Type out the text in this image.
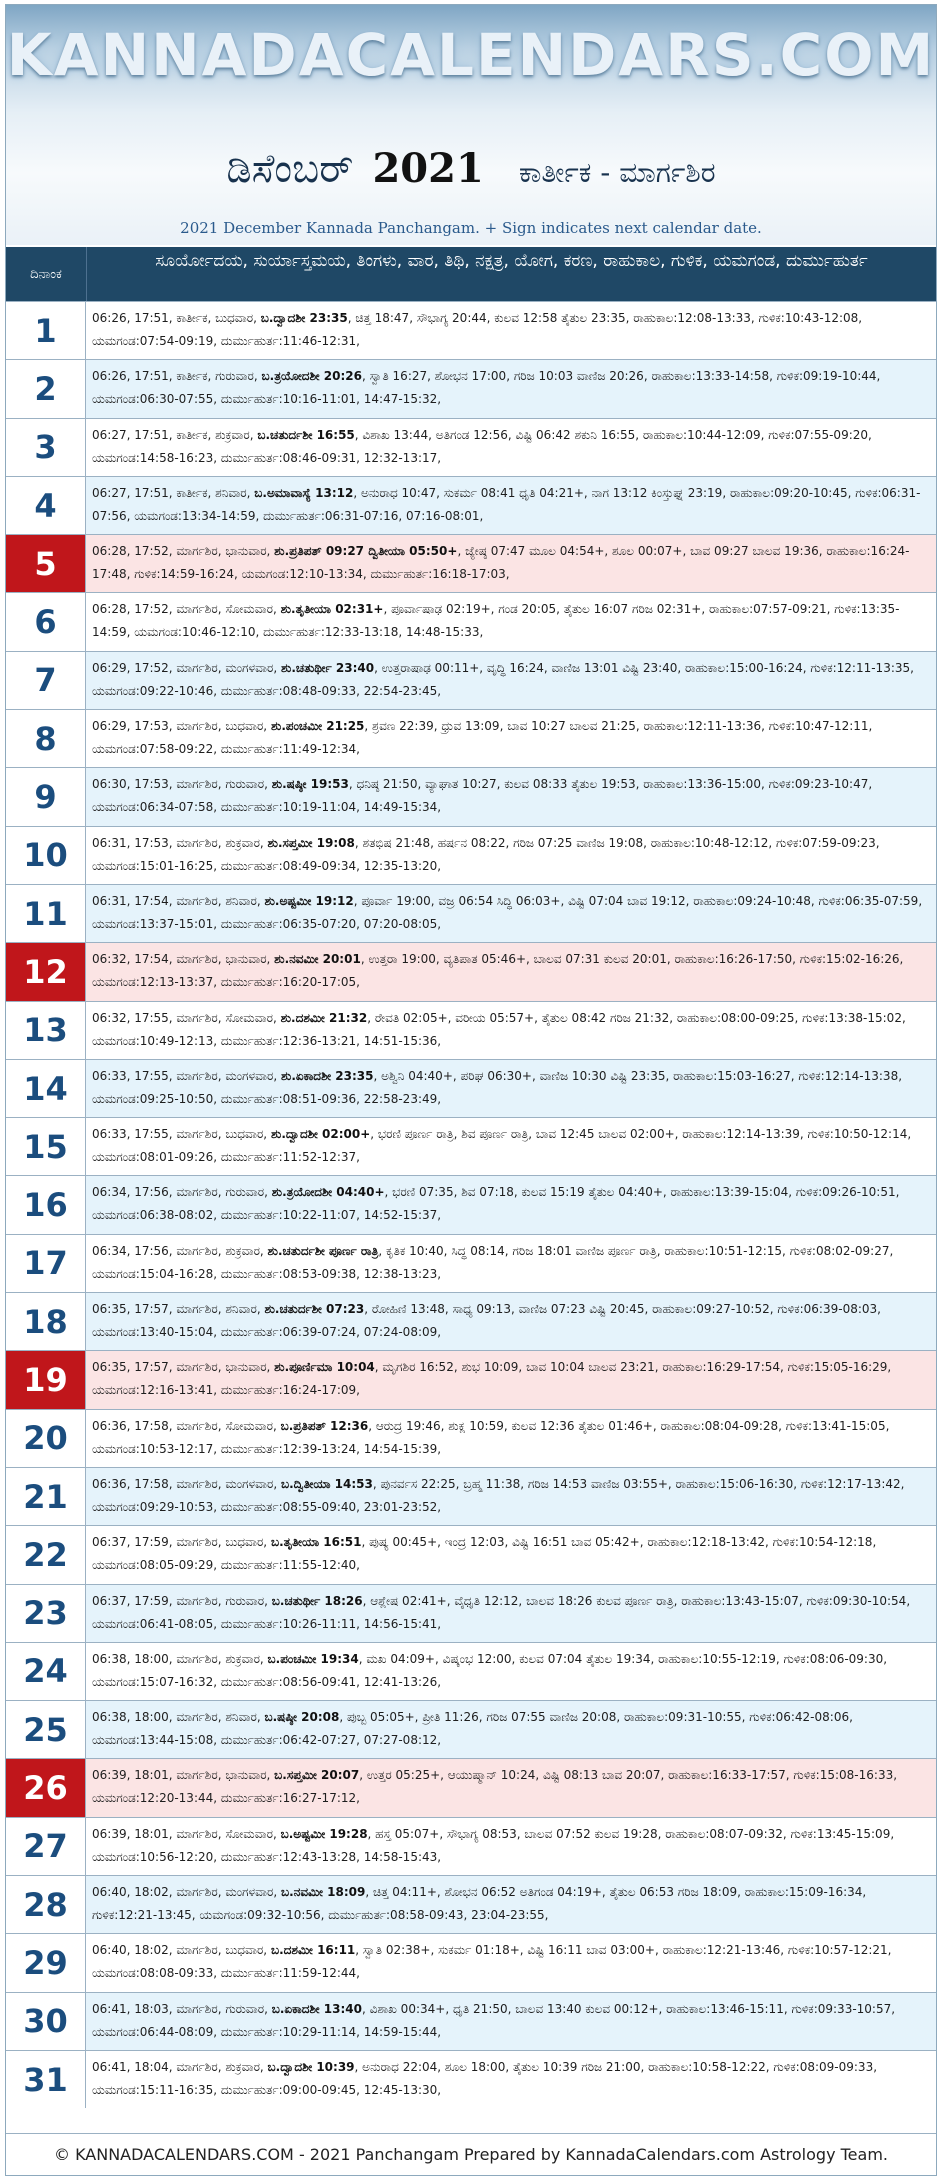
KANNADACALENDARS.COM
ಡಿಸೆಂಬರ್ 2021 ಕಾರ್ತೀಕ - ಮಾರ್ಗಶಿರ
2021 December Kannada Panchangam. + Sign indicates next calendar date.
ದಿನಾಂಕ
ಸೂರ್ಯೋದಯ, ಸುರ್ಯಾಸ್ತಮಯ, ತಿಂಗಳು, ವಾರ, ತಿಥಿ, ನಕ್ಷತ್ರ, ಯೋಗ, ಕರಣ, ರಾಹುಕಾಲ, ಗುಳಿಕ, ಯಮಗಂಡ, ದುರ್ಮುಹುರ್ತ
1	06:26, 17:51, ಕಾರ್ತೀಕ, ಬುಧವಾರ, ಬ.ದ್ವಾದಶೀ 23:35, ಚಿತ್ತ 18:47, ಸೌಭಾಗ್ಯ 20:44, ಕುಲವ 12:58 ತೈತುಲ 23:35, ರಾಹುಕಾಲ:12:08-13:33, ಗುಳಿಕ:10:43-12:08, ಯಮಗಂಡ:07:54-09:19, ದುರ್ಮುಹುರ್ತ:11:46-12:31,
2	06:26, 17:51, ಕಾರ್ತೀಕ, ಗುರುವಾರ, ಬ.ತ್ರಯೋದಶೀ 20:26, ಸ್ವಾತಿ 16:27, ಶೋಭನ 17:00, ಗರಿಜ 10:03 ವಾಣಿಜ 20:26, ರಾಹುಕಾಲ:13:33-14:58, ಗುಳಿಕ:09:19-10:44, ಯಮಗಂಡ:06:30-07:55, ದುರ್ಮುಹುರ್ತ:10:16-11:01, 14:47-15:32,
3	06:27, 17:51, ಕಾರ್ತೀಕ, ಶುಕ್ರವಾರ, ಬ.ಚತುರ್ದಶೀ 16:55, ವಿಶಾಖ 13:44, ಅತಿಗಂಡ 12:56, ವಿಷ್ಟಿ 06:42 ಶಕುನಿ 16:55, ರಾಹುಕಾಲ:10:44-12:09, ಗುಳಿಕ:07:55-09:20, ಯಮಗಂಡ:14:58-16:23, ದುರ್ಮುಹುರ್ತ:08:46-09:31, 12:32-13:17,
4	06:27, 17:51, ಕಾರ್ತೀಕ, ಶನಿವಾರ, ಬ.ಅಮಾವಾಸ್ಯೆ 13:12, ಅನುರಾಧ 10:47, ಸುಕರ್ಮ 08:41 ಧೃತಿ 04:21+, ನಾಗ 13:12 ಕಿಂಸ್ತುಘ್ನ 23:19, ರಾಹುಕಾಲ:09:20-10:45, ಗುಳಿಕ:06:31-07:56, ಯಮಗಂಡ:13:34-14:59, ದುರ್ಮುಹುರ್ತ:06:31-07:16, 07:16-08:01,
5	06:28, 17:52, ಮಾರ್ಗಶಿರ, ಭಾನುವಾರ, ಶು.ಪ್ರತಿಪತ್ 09:27 ದ್ವಿತೀಯಾ 05:50+, ಜ್ಯೇಷ್ಠ 07:47 ಮೂಲ 04:54+, ಶೂಲ 00:07+, ಬಾವ 09:27 ಬಾಲವ 19:36, ರಾಹುಕಾಲ:16:24-17:48, ಗುಳಿಕ:14:59-16:24, ಯಮಗಂಡ:12:10-13:34, ದುರ್ಮುಹುರ್ತ:16:18-17:03,
6	06:28, 17:52, ಮಾರ್ಗಶಿರ, ಸೋಮವಾರ, ಶು.ತೃತೀಯಾ 02:31+, ಪೂರ್ವಾಷಾಢ 02:19+, ಗಂಡ 20:05, ತೈತುಲ 16:07 ಗರಿಜ 02:31+, ರಾಹುಕಾಲ:07:57-09:21, ಗುಳಿಕ:13:35-14:59, ಯಮಗಂಡ:10:46-12:10, ದುರ್ಮುಹುರ್ತ:12:33-13:18, 14:48-15:33,
7	06:29, 17:52, ಮಾರ್ಗಶಿರ, ಮಂಗಳವಾರ, ಶು.ಚತುರ್ಥೀ 23:40, ಉತ್ತರಾಷಾಢ 00:11+, ವೃದ್ಧಿ 16:24, ವಾಣಿಜ 13:01 ವಿಷ್ಟಿ 23:40, ರಾಹುಕಾಲ:15:00-16:24, ಗುಳಿಕ:12:11-13:35, ಯಮಗಂಡ:09:22-10:46, ದುರ್ಮುಹುರ್ತ:08:48-09:33, 22:54-23:45,
8	06:29, 17:53, ಮಾರ್ಗಶಿರ, ಬುಧವಾರ, ಶು.ಪಂಚಮೀ 21:25, ಶ್ರವಣ 22:39, ಧ್ರುವ 13:09, ಬಾವ 10:27 ಬಾಲವ 21:25, ರಾಹುಕಾಲ:12:11-13:36, ಗುಳಿಕ:10:47-12:11, ಯಮಗಂಡ:07:58-09:22, ದುರ್ಮುಹುರ್ತ:11:49-12:34,
9	06:30, 17:53, ಮಾರ್ಗಶಿರ, ಗುರುವಾರ, ಶು.ಷಷ್ಠೀ 19:53, ಧನಿಷ್ಠ 21:50, ವ್ಯಾಘಾತ 10:27, ಕುಲವ 08:33 ತೈತುಲ 19:53, ರಾಹುಕಾಲ:13:36-15:00, ಗುಳಿಕ:09:23-10:47, ಯಮಗಂಡ:06:34-07:58, ದುರ್ಮುಹುರ್ತ:10:19-11:04, 14:49-15:34,
10	06:31, 17:53, ಮಾರ್ಗಶಿರ, ಶುಕ್ರವಾರ, ಶು.ಸಪ್ತಮೀ 19:08, ಶತಭಿಷ 21:48, ಹರ್ಷನ 08:22, ಗರಿಜ 07:25 ವಾಣಿಜ 19:08, ರಾಹುಕಾಲ:10:48-12:12, ಗುಳಿಕ:07:59-09:23, ಯಮಗಂಡ:15:01-16:25, ದುರ್ಮುಹುರ್ತ:08:49-09:34, 12:35-13:20,
11	06:31, 17:54, ಮಾರ್ಗಶಿರ, ಶನಿವಾರ, ಶು.ಅಷ್ಟಮೀ 19:12, ಪೂರ್ವಾ 19:00, ವಜ್ರ 06:54 ಸಿದ್ಧಿ 06:03+, ವಿಷ್ಟಿ 07:04 ಬಾವ 19:12, ರಾಹುಕಾಲ:09:24-10:48, ಗುಳಿಕ:06:35-07:59, ಯಮಗಂಡ:13:37-15:01, ದುರ್ಮುಹುರ್ತ:06:35-07:20, 07:20-08:05,
12	06:32, 17:54, ಮಾರ್ಗಶಿರ, ಭಾನುವಾರ, ಶು.ನವಮೀ 20:01, ಉತ್ತರಾ 19:00, ವ್ಯತಿಪಾತ 05:46+, ಬಾಲವ 07:31 ಕುಲವ 20:01, ರಾಹುಕಾಲ:16:26-17:50, ಗುಳಿಕ:15:02-16:26, ಯಮಗಂಡ:12:13-13:37, ದುರ್ಮುಹುರ್ತ:16:20-17:05,
13	06:32, 17:55, ಮಾರ್ಗಶಿರ, ಸೋಮವಾರ, ಶು.ದಶಮೀ 21:32, ರೇವತಿ 02:05+, ವರೀಯ 05:57+, ತೈತುಲ 08:42 ಗರಿಜ 21:32, ರಾಹುಕಾಲ:08:00-09:25, ಗುಳಿಕ:13:38-15:02, ಯಮಗಂಡ:10:49-12:13, ದುರ್ಮುಹುರ್ತ:12:36-13:21, 14:51-15:36,
14	06:33, 17:55, ಮಾರ್ಗಶಿರ, ಮಂಗಳವಾರ, ಶು.ಏಕಾದಶೀ 23:35, ಅಶ್ವಿನಿ 04:40+, ಪರಿಘ 06:30+, ವಾಣಿಜ 10:30 ವಿಷ್ಟಿ 23:35, ರಾಹುಕಾಲ:15:03-16:27, ಗುಳಿಕ:12:14-13:38, ಯಮಗಂಡ:09:25-10:50, ದುರ್ಮುಹುರ್ತ:08:51-09:36, 22:58-23:49,
15	06:33, 17:55, ಮಾರ್ಗಶಿರ, ಬುಧವಾರ, ಶು.ದ್ವಾದಶೀ 02:00+, ಭರಣಿ ಪೂರ್ಣ ರಾತ್ರಿ, ಶಿವ ಪೂರ್ಣ ರಾತ್ರಿ, ಬಾವ 12:45 ಬಾಲವ 02:00+, ರಾಹುಕಾಲ:12:14-13:39, ಗುಳಿಕ:10:50-12:14, ಯಮಗಂಡ:08:01-09:26, ದುರ್ಮುಹುರ್ತ:11:52-12:37,
16	06:34, 17:56, ಮಾರ್ಗಶಿರ, ಗುರುವಾರ, ಶು.ತ್ರಯೋದಶೀ 04:40+, ಭರಣಿ 07:35, ಶಿವ 07:18, ಕುಲವ 15:19 ತೈತುಲ 04:40+, ರಾಹುಕಾಲ:13:39-15:04, ಗುಳಿಕ:09:26-10:51, ಯಮಗಂಡ:06:38-08:02, ದುರ್ಮುಹುರ್ತ:10:22-11:07, 14:52-15:37,
17	06:34, 17:56, ಮಾರ್ಗಶಿರ, ಶುಕ್ರವಾರ, ಶು.ಚತುರ್ದಶೀ ಪೂರ್ಣ ರಾತ್ರಿ, ಕೃತಿಕ 10:40, ಸಿದ್ಧ 08:14, ಗರಿಜ 18:01 ವಾಣಿಜ ಪೂರ್ಣ ರಾತ್ರಿ, ರಾಹುಕಾಲ:10:51-12:15, ಗುಳಿಕ:08:02-09:27, ಯಮಗಂಡ:15:04-16:28, ದುರ್ಮುಹುರ್ತ:08:53-09:38, 12:38-13:23,
18	06:35, 17:57, ಮಾರ್ಗಶಿರ, ಶನಿವಾರ, ಶು.ಚತುರ್ದಶೀ 07:23, ರೋಹಿಣಿ 13:48, ಸಾಧ್ಯ 09:13, ವಾಣಿಜ 07:23 ವಿಷ್ಟಿ 20:45, ರಾಹುಕಾಲ:09:27-10:52, ಗುಳಿಕ:06:39-08:03, ಯಮಗಂಡ:13:40-15:04, ದುರ್ಮುಹುರ್ತ:06:39-07:24, 07:24-08:09,
19	06:35, 17:57, ಮಾರ್ಗಶಿರ, ಭಾನುವಾರ, ಶು.ಪೂರ್ಣಿಮಾ 10:04, ಮೃಗಶಿರ 16:52, ಶುಭ 10:09, ಬಾವ 10:04 ಬಾಲವ 23:21, ರಾಹುಕಾಲ:16:29-17:54, ಗುಳಿಕ:15:05-16:29, ಯಮಗಂಡ:12:16-13:41, ದುರ್ಮುಹುರ್ತ:16:24-17:09,
20	06:36, 17:58, ಮಾರ್ಗಶಿರ, ಸೋಮವಾರ, ಬ.ಪ್ರತಿಪತ್ 12:36, ಆರುದ್ರ 19:46, ಶುಕ್ಲ 10:59, ಕುಲವ 12:36 ತೈತುಲ 01:46+, ರಾಹುಕಾಲ:08:04-09:28, ಗುಳಿಕ:13:41-15:05, ಯಮಗಂಡ:10:53-12:17, ದುರ್ಮುಹುರ್ತ:12:39-13:24, 14:54-15:39,
21	06:36, 17:58, ಮಾರ್ಗಶಿರ, ಮಂಗಳವಾರ, ಬ.ದ್ವಿತೀಯಾ 14:53, ಪುನರ್ವಸ 22:25, ಬ್ರಹ್ಮ 11:38, ಗರಿಜ 14:53 ವಾಣಿಜ 03:55+, ರಾಹುಕಾಲ:15:06-16:30, ಗುಳಿಕ:12:17-13:42, ಯಮಗಂಡ:09:29-10:53, ದುರ್ಮುಹುರ್ತ:08:55-09:40, 23:01-23:52,
22	06:37, 17:59, ಮಾರ್ಗಶಿರ, ಬುಧವಾರ, ಬ.ತೃತೀಯಾ 16:51, ಪುಷ್ಯ 00:45+, ಇಂದ್ರ 12:03, ವಿಷ್ಟಿ 16:51 ಬಾವ 05:42+, ರಾಹುಕಾಲ:12:18-13:42, ಗುಳಿಕ:10:54-12:18, ಯಮಗಂಡ:08:05-09:29, ದುರ್ಮುಹುರ್ತ:11:55-12:40,
23	06:37, 17:59, ಮಾರ್ಗಶಿರ, ಗುರುವಾರ, ಬ.ಚತುರ್ಥೀ 18:26, ಆಶ್ಲೇಷ 02:41+, ವೈಧೃತಿ 12:12, ಬಾಲವ 18:26 ಕುಲವ ಪೂರ್ಣ ರಾತ್ರಿ, ರಾಹುಕಾಲ:13:43-15:07, ಗುಳಿಕ:09:30-10:54, ಯಮಗಂಡ:06:41-08:05, ದುರ್ಮುಹುರ್ತ:10:26-11:11, 14:56-15:41,
24	06:38, 18:00, ಮಾರ್ಗಶಿರ, ಶುಕ್ರವಾರ, ಬ.ಪಂಚಮೀ 19:34, ಮಖ 04:09+, ವಿಷ್ಕಂಭ 12:00, ಕುಲವ 07:04 ತೈತುಲ 19:34, ರಾಹುಕಾಲ:10:55-12:19, ಗುಳಿಕ:08:06-09:30, ಯಮಗಂಡ:15:07-16:32, ದುರ್ಮುಹುರ್ತ:08:56-09:41, 12:41-13:26,
25	06:38, 18:00, ಮಾರ್ಗಶಿರ, ಶನಿವಾರ, ಬ.ಷಷ್ಠೀ 20:08, ಪುಬ್ಬ 05:05+, ಪ್ರೀತಿ 11:26, ಗರಿಜ 07:55 ವಾಣಿಜ 20:08, ರಾಹುಕಾಲ:09:31-10:55, ಗುಳಿಕ:06:42-08:06, ಯಮಗಂಡ:13:44-15:08, ದುರ್ಮುಹುರ್ತ:06:42-07:27, 07:27-08:12,
26	06:39, 18:01, ಮಾರ್ಗಶಿರ, ಭಾನುವಾರ, ಬ.ಸಪ್ತಮೀ 20:07, ಉತ್ತರ 05:25+, ಆಯುಷ್ಮಾನ್ 10:24, ವಿಷ್ಟಿ 08:13 ಬಾವ 20:07, ರಾಹುಕಾಲ:16:33-17:57, ಗುಳಿಕ:15:08-16:33, ಯಮಗಂಡ:12:20-13:44, ದುರ್ಮುಹುರ್ತ:16:27-17:12,
27	06:39, 18:01, ಮಾರ್ಗಶಿರ, ಸೋಮವಾರ, ಬ.ಅಷ್ಟಮೀ 19:28, ಹಸ್ತ 05:07+, ಸೌಭಾಗ್ಯ 08:53, ಬಾಲವ 07:52 ಕುಲವ 19:28, ರಾಹುಕಾಲ:08:07-09:32, ಗುಳಿಕ:13:45-15:09, ಯಮಗಂಡ:10:56-12:20, ದುರ್ಮುಹುರ್ತ:12:43-13:28, 14:58-15:43,
28	06:40, 18:02, ಮಾರ್ಗಶಿರ, ಮಂಗಳವಾರ, ಬ.ನವಮೀ 18:09, ಚಿತ್ತ 04:11+, ಶೋಭನ 06:52 ಅತಿಗಂಡ 04:19+, ತೈತುಲ 06:53 ಗರಿಜ 18:09, ರಾಹುಕಾಲ:15:09-16:34, ಗುಳಿಕ:12:21-13:45, ಯಮಗಂಡ:09:32-10:56, ದುರ್ಮುಹುರ್ತ:08:58-09:43, 23:04-23:55,
29	06:40, 18:02, ಮಾರ್ಗಶಿರ, ಬುಧವಾರ, ಬ.ದಶಮೀ 16:11, ಸ್ವಾತಿ 02:38+, ಸುಕರ್ಮ 01:18+, ವಿಷ್ಟಿ 16:11 ಬಾವ 03:00+, ರಾಹುಕಾಲ:12:21-13:46, ಗುಳಿಕ:10:57-12:21, ಯಮಗಂಡ:08:08-09:33, ದುರ್ಮುಹುರ್ತ:11:59-12:44,
30	06:41, 18:03, ಮಾರ್ಗಶಿರ, ಗುರುವಾರ, ಬ.ಏಕಾದಶೀ 13:40, ವಿಶಾಖ 00:34+, ಧೃತಿ 21:50, ಬಾಲವ 13:40 ಕುಲವ 00:12+, ರಾಹುಕಾಲ:13:46-15:11, ಗುಳಿಕ:09:33-10:57, ಯಮಗಂಡ:06:44-08:09, ದುರ್ಮುಹುರ್ತ:10:29-11:14, 14:59-15:44,
31	06:41, 18:04, ಮಾರ್ಗಶಿರ, ಶುಕ್ರವಾರ, ಬ.ದ್ವಾದಶೀ 10:39, ಅನುರಾಧ 22:04, ಶೂಲ 18:00, ತೈತುಲ 10:39 ಗರಿಜ 21:00, ರಾಹುಕಾಲ:10:58-12:22, ಗುಳಿಕ:08:09-09:33, ಯಮಗಂಡ:15:11-16:35, ದುರ್ಮುಹುರ್ತ:09:00-09:45, 12:45-13:30,
© KANNADACALENDARS.COM - 2021 Panchangam Prepared by KannadaCalendars.com Astrology Team.
